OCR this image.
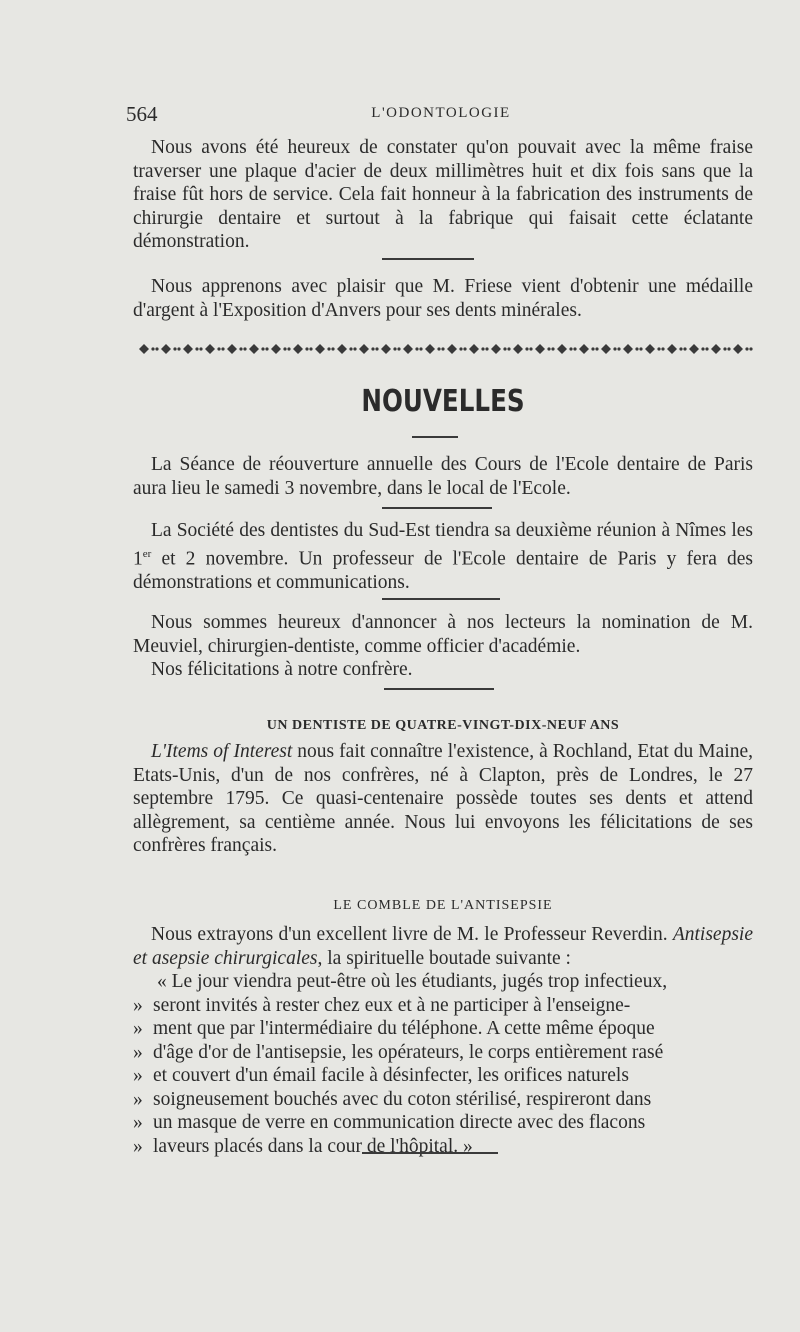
564	L'ODONTOLOGIE

Nous avons été heureux de constater qu'on pouvait avec la même fraise traverser une plaque d'acier de deux millimètres huit et dix fois sans que la fraise fût hors de service. Cela fait honneur à la fabrication des instruments de chirurgie dentaire et surtout à la fabrique qui faisait cette éclatante démonstration.

Nous apprenons avec plaisir que M. Friese vient d'obtenir une médaille d'argent à l'Exposition d'Anvers pour ses dents minérales.

NOUVELLES

La Séance de réouverture annuelle des Cours de l'Ecole dentaire de Paris aura lieu le samedi 3 novembre, dans le local de l'Ecole.

La Société des dentistes du Sud-Est tiendra sa deuxième réunion à Nîmes les 1er et 2 novembre. Un professeur de l'Ecole dentaire de Paris y fera des démonstrations et communications.

Nous sommes heureux d'annoncer à nos lecteurs la nomination de M. Meuviel, chirurgien-dentiste, comme officier d'académie.

Nos félicitations à notre confrère.

UN DENTISTE DE QUATRE-VINGT-DIX-NEUF ANS

L'Items of Interest nous fait connaître l'existence, à Rochland, Etat du Maine, Etats-Unis, d'un de nos confrères, né à Clapton, près de Londres, le 27 septembre 1795. Ce quasi-centenaire possède toutes ses dents et attend allègrement, sa centième année. Nous lui envoyons les félicitations de ses confrères français.

LE COMBLE DE L'ANTISEPSIE

Nous extrayons d'un excellent livre de M. le Professeur Reverdin. Antisepsie et asepsie chirurgicales, la spirituelle boutade suivante :

« Le jour viendra peut-être où les étudiants, jugés trop infectieux,
» seront invités à rester chez eux et à ne participer à l'enseigne-
» ment que par l'intermédiaire du téléphone. A cette même époque
» d'âge d'or de l'antisepsie, les opérateurs, le corps entièrement rasé
» et couvert d'un émail facile à désinfecter, les orifices naturels
» soigneusement bouchés avec du coton stérilisé, respireront dans
» un masque de verre en communication directe avec des flacons
» laveurs placés dans la cour de l'hôpital. »
